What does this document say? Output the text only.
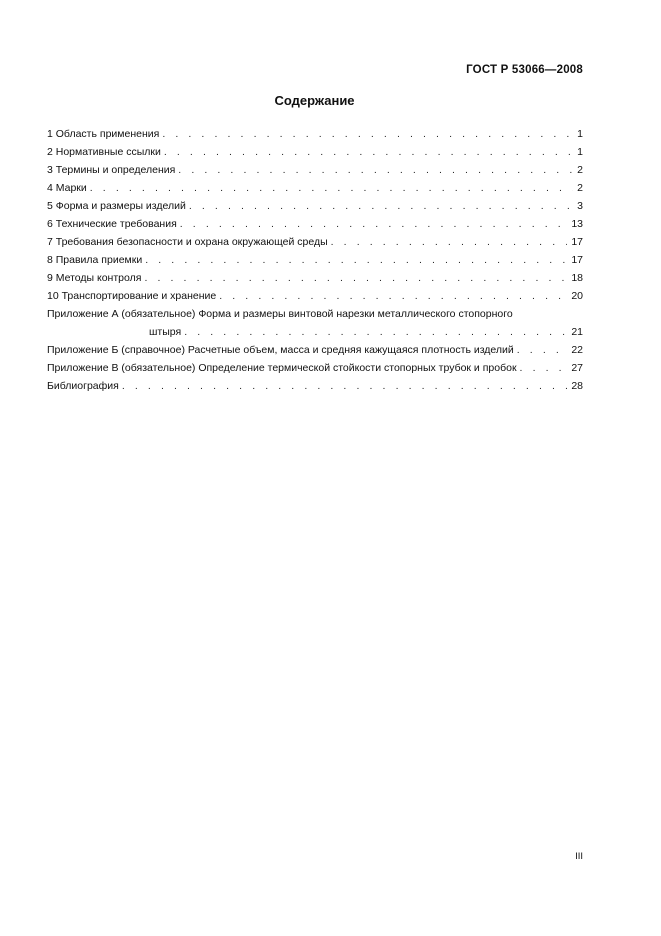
ГОСТ Р 53066—2008
Содержание
1 Область применения . . .	1
2 Нормативные ссылки . . .	1
3 Термины и определения . . .	2
4 Марки . . .	2
5 Форма и размеры изделий . . .	3
6 Технические требования . . .	13
7 Требования безопасности и охрана окружающей среды . . .	17
8 Правила приемки . . .	17
9 Методы контроля . . .	18
10 Транспортирование и хранение . . .	20
Приложение А (обязательное) Форма и размеры винтовой нарезки металлического стопорного
штыря . . .	21
Приложение Б (справочное) Расчетные объем, масса и средняя кажущаяся плотность изделий . . .	22
Приложение В (обязательное) Определение термической стойкости стопорных трубок и пробок . . .	27
Библиография . . .	28
III
